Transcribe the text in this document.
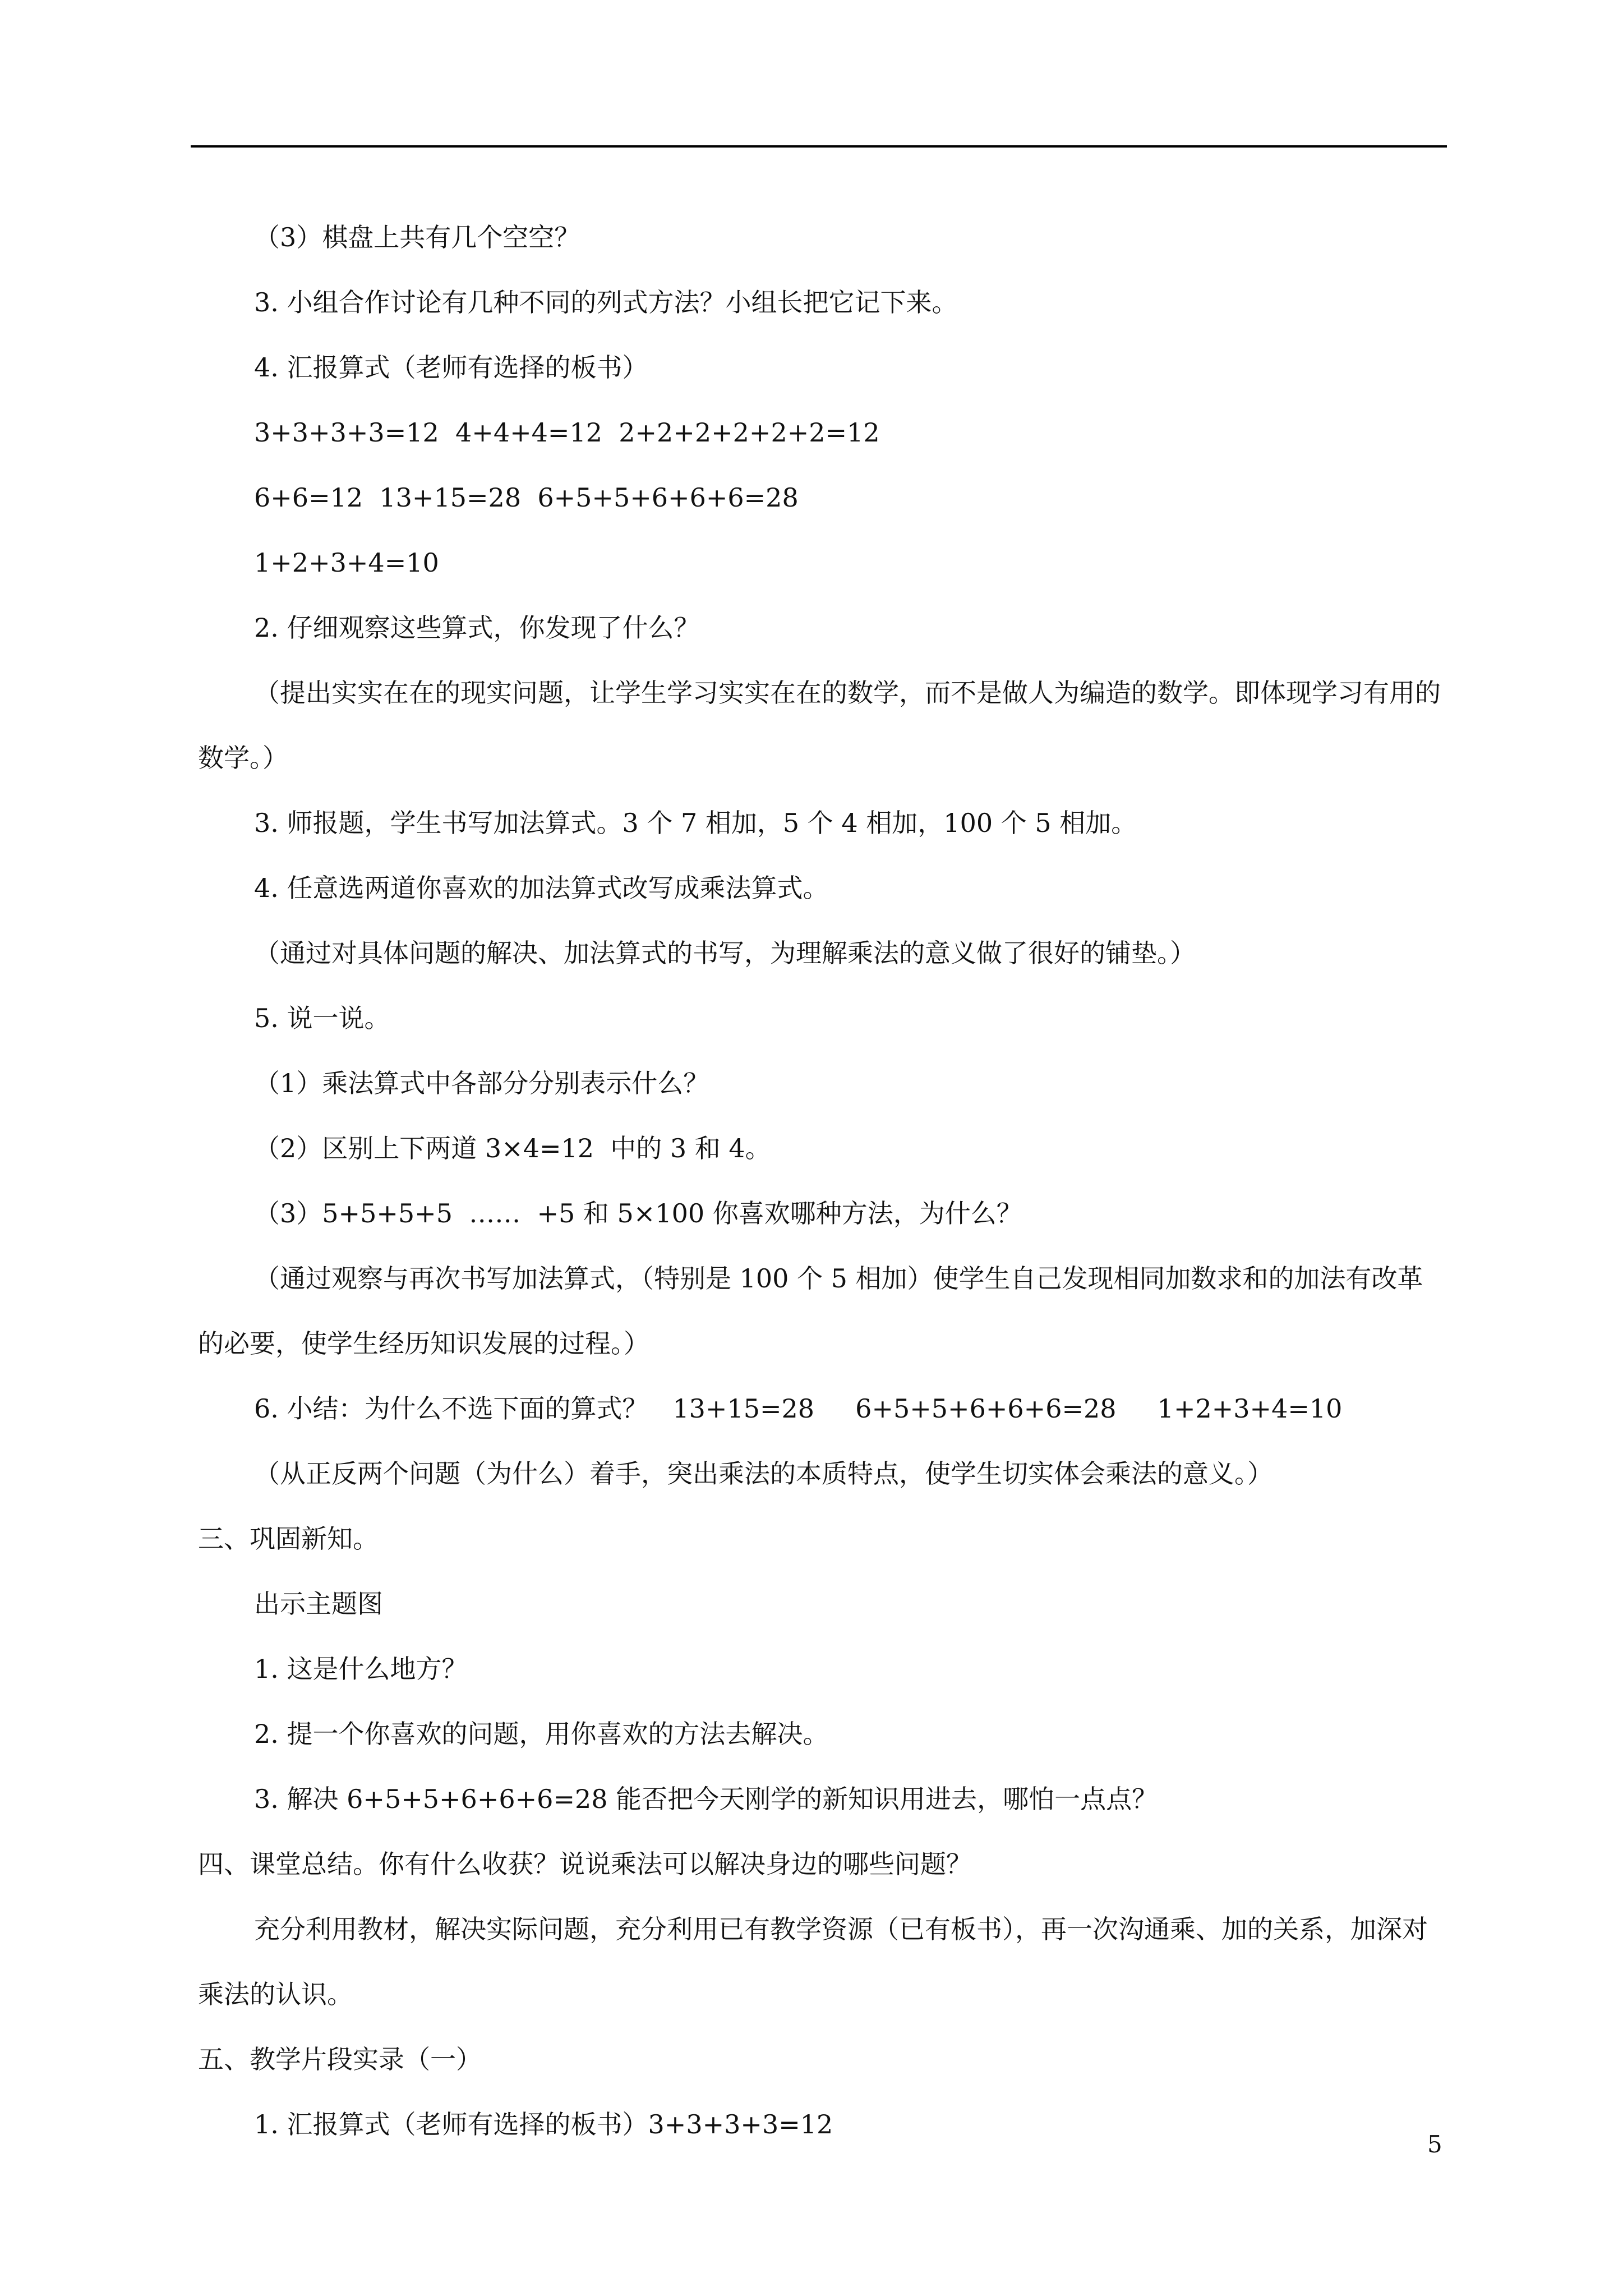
（3）棋盘上共有几个空空？

3. 小组合作讨论有几种不同的列式方法？小组长把它记下来。

4. 汇报算式（老师有选择的板书）

3+3+3+3=12  4+4+4=12  2+2+2+2+2+2=12

6+6=12  13+15=28  6+5+5+6+6+6=28

1+2+3+4=10

2. 仔细观察这些算式，你发现了什么？

（提出实实在在的现实问题，让学生学习实实在在的数学，而不是做人为编造的数学。即体现学习有用的数学。）

3. 师报题，学生书写加法算式。3 个 7 相加，5 个 4 相加，100 个 5 相加。

4. 任意选两道你喜欢的加法算式改写成乘法算式。

（通过对具体问题的解决、加法算式的书写，为理解乘法的意义做了很好的铺垫。）

5. 说一说。

（1）乘法算式中各部分分别表示什么？

（2）区别上下两道 3×4=12  中的 3 和 4。

（3）5+5+5+5  ……  +5 和 5×100 你喜欢哪种方法，为什么？

（通过观察与再次书写加法算式，（特别是 100 个 5 相加）使学生自己发现相同加数求和的加法有改革的必要，使学生经历知识发展的过程。）

6. 小结：为什么不选下面的算式？   13+15=28     6+5+5+6+6+6=28     1+2+3+4=10

（从正反两个问题（为什么）着手，突出乘法的本质特点，使学生切实体会乘法的意义。）

三、巩固新知。

出示主题图

1. 这是什么地方？

2. 提一个你喜欢的问题，用你喜欢的方法去解决。

3. 解决 6+5+5+6+6+6=28 能否把今天刚学的新知识用进去，哪怕一点点？

四、课堂总结。你有什么收获？说说乘法可以解决身边的哪些问题？

充分利用教材，解决实际问题，充分利用已有教学资源（已有板书），再一次沟通乘、加的关系，加深对乘法的认识。

五、教学片段实录（一）

1. 汇报算式（老师有选择的板书）3+3+3+3=12

5
